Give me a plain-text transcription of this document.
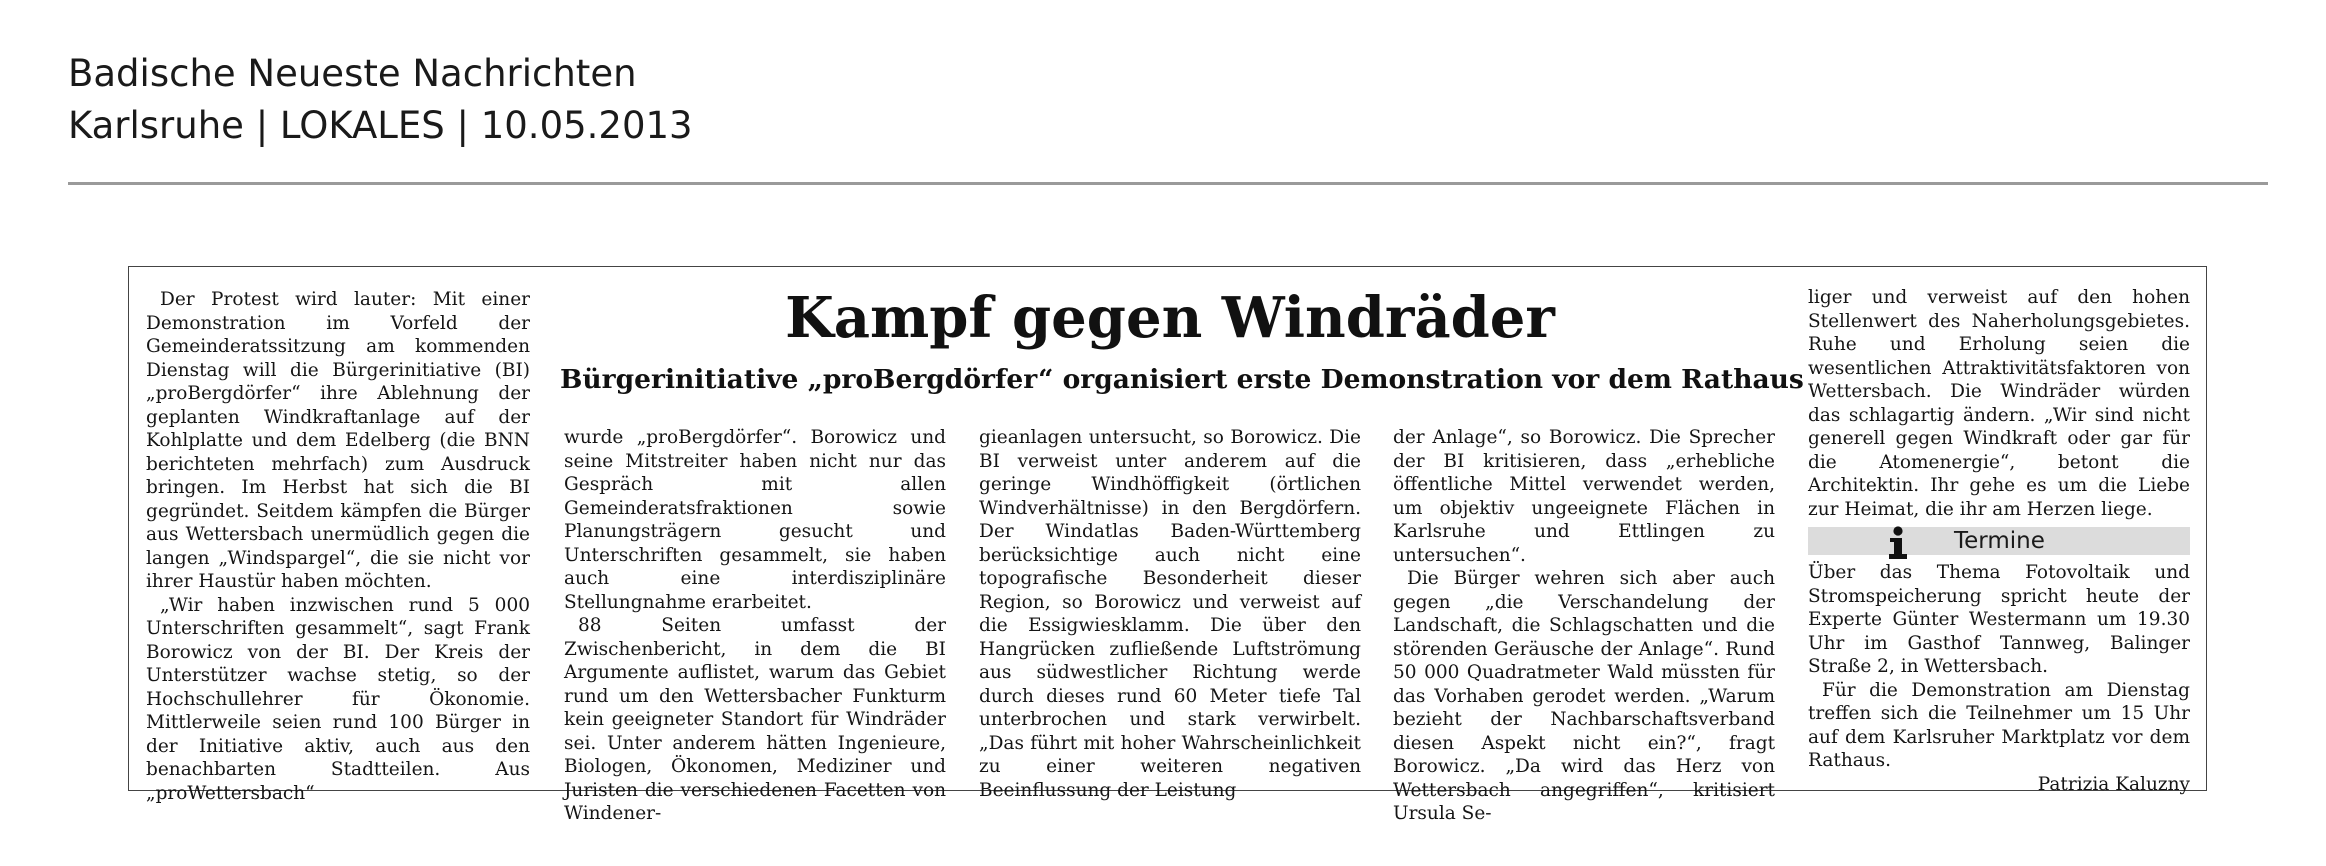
Badische Neueste Nachrichten
Karlsruhe | LOKALES | 10.05.2013
Kampf gegen Windräder
Bürgerinitiative „proBergdörfer“ organisiert erste Demonstration vor dem Rathaus

Der Protest wird lauter: Mit einer Demonstration im Vorfeld der Gemeinderatssitzung am kommenden Dienstag will die Bürgerinitiative (BI) „proBergdörfer“ ihre Ablehnung der geplanten Windkraftanlage auf der Kohlplatte und dem Edelberg (die BNN berichteten mehrfach) zum Ausdruck bringen. Im Herbst hat sich die BI gegründet. Seitdem kämpfen die Bürger aus Wettersbach unermüdlich gegen die langen „Windspargel“, die sie nicht vor ihrer Haustür haben möchten.

„Wir haben inzwischen rund 5 000 Unterschriften gesammelt“, sagt Frank Borowicz von der BI. Der Kreis der Unterstützer wachse stetig, so der Hochschullehrer für Ökonomie. Mittlerweile seien rund 100 Bürger in der Initiative aktiv, auch aus den benachbarten Stadtteilen. Aus „proWettersbach“

wurde „proBergdörfer“. Borowicz und seine Mitstreiter haben nicht nur das Gespräch mit allen Gemeinderatsfraktionen sowie Planungsträgern gesucht und Unterschriften gesammelt, sie haben auch eine interdisziplinäre Stellungnahme erarbeitet.

88 Seiten umfasst der Zwischenbericht, in dem die BI Argumente auflistet, warum das Gebiet rund um den Wettersbacher Funkturm kein geeigneter Standort für Windräder sei. Unter anderem hätten Ingenieure, Biologen, Ökonomen, Mediziner und Juristen die verschiedenen Facetten von Windener-

gieanlagen untersucht, so Borowicz. Die BI verweist unter anderem auf die geringe Windhöffigkeit (örtlichen Windverhältnisse) in den Bergdörfern. Der Windatlas Baden-Württemberg berücksichtige auch nicht eine topografische Besonderheit dieser Region, so Borowicz und verweist auf die Essigwiesklamm. Die über den Hangrücken zufließende Luftströmung aus südwestlicher Richtung werde durch dieses rund 60 Meter tiefe Tal unterbrochen und stark verwirbelt. „Das führt mit hoher Wahrscheinlichkeit zu einer weiteren negativen Beeinflussung der Leistung

der Anlage“, so Borowicz. Die Sprecher der BI kritisieren, dass „erhebliche öffentliche Mittel verwendet werden, um objektiv ungeeignete Flächen in Karlsruhe und Ettlingen zu untersuchen“.

Die Bürger wehren sich aber auch gegen „die Verschandelung der Landschaft, die Schlagschatten und die störenden Geräusche der Anlage“. Rund 50 000 Quadratmeter Wald müssten für das Vorhaben gerodet werden. „Warum bezieht der Nachbarschaftsverband diesen Aspekt nicht ein?“, fragt Borowicz. „Da wird das Herz von Wettersbach angegriffen“, kritisiert Ursula Se-

liger und verweist auf den hohen Stellenwert des Naherholungsgebietes. Ruhe und Erholung seien die wesentlichen Attraktivitätsfaktoren von Wettersbach. Die Windräder würden das schlagartig ändern. „Wir sind nicht generell gegen Windkraft oder gar für die Atomenergie“, betont die Architektin. Ihr gehe es um die Liebe zur Heimat, die ihr am Herzen liege.

Termine

Über das Thema Fotovoltaik und Stromspeicherung spricht heute der Experte Günter Westermann um 19.30 Uhr im Gasthof Tannweg, Balinger Straße 2, in Wettersbach.

Für die Demonstration am Dienstag treffen sich die Teilnehmer um 15 Uhr auf dem Karlsruher Marktplatz vor dem Rathaus.

Patrizia Kaluzny
